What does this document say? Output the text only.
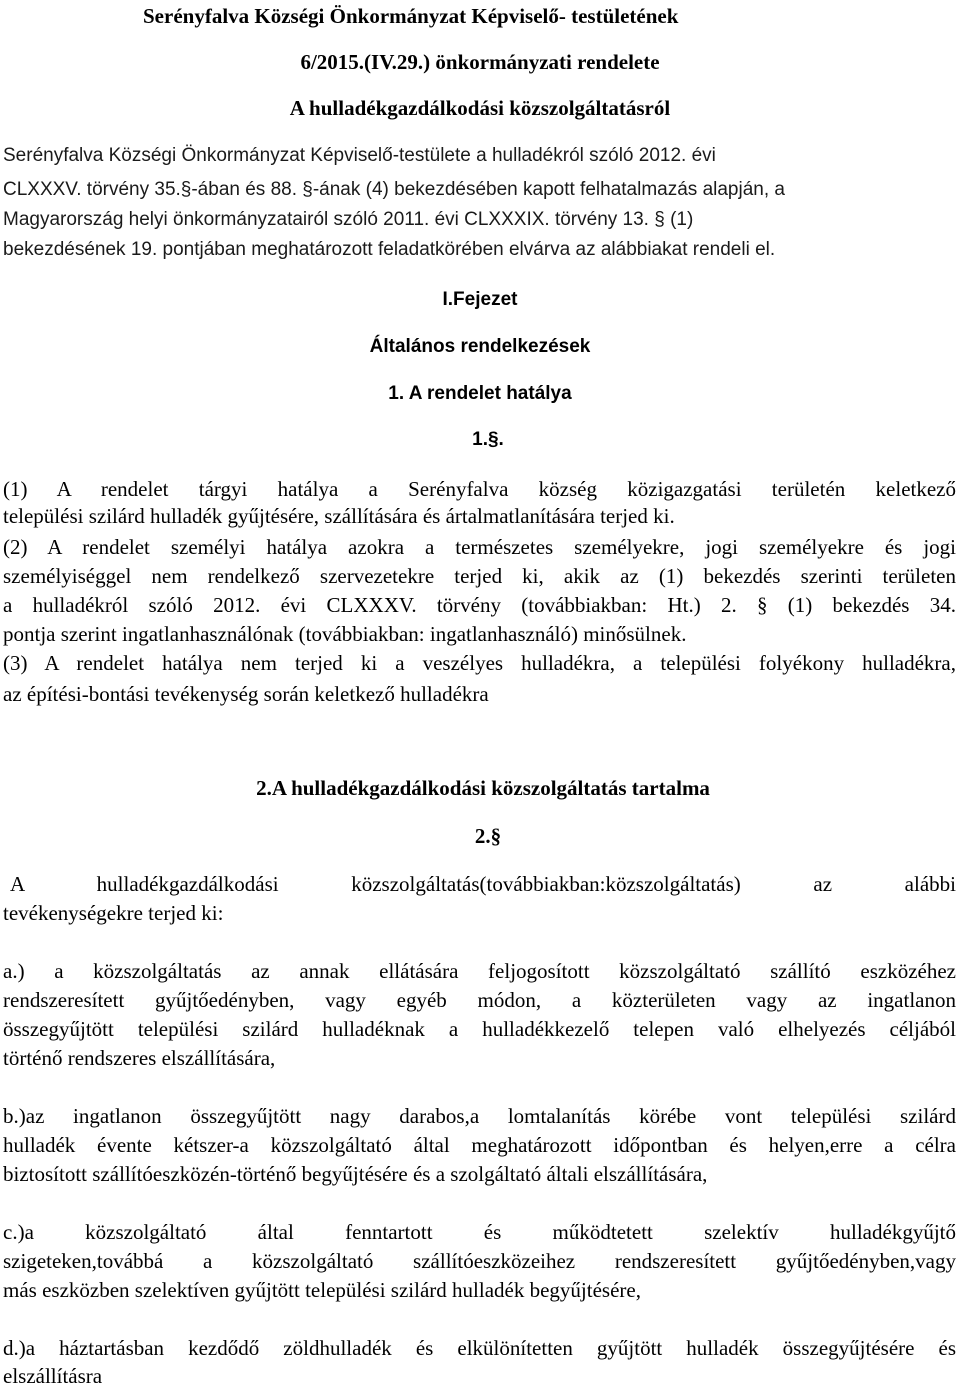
Serényfalva Községi Önkormányzat Képviselő- testületének
6/2015.(IV.29.) önkormányzati rendelete
A hulladékgazdálkodási közszolgáltatásról
Serényfalva Községi Önkormányzat Képviselő-testülete a hulladékról szóló 2012. évi
CLXXXV. törvény 35.§-ában és 88. §-ának (4) bekezdésében kapott felhatalmazás alapján, a
Magyarország helyi önkormányzatairól szóló 2011. évi CLXXXIX. törvény 13. § (1)
bekezdésének 19. pontjában meghatározott feladatkörében elvárva az alábbiakat rendeli el.
I.Fejezet
Általános rendelkezések
1. A rendelet hatálya
1.§.
(1) A rendelet tárgyi hatálya a Serényfalva község közigazgatási területén keletkező
települési szilárd hulladék gyűjtésére, szállítására és ártalmatlanítására terjed ki.
(2) A rendelet személyi hatálya azokra a természetes személyekre, jogi személyekre és jogi
személyiséggel nem rendelkező szervezetekre terjed ki, akik az (1) bekezdés szerinti területen
a hulladékról szóló 2012. évi CLXXXV. törvény (továbbiakban: Ht.) 2. § (1) bekezdés 34.
pontja szerint ingatlanhasználónak (továbbiakban: ingatlanhasználó) minősülnek.
(3) A rendelet hatálya nem terjed ki a veszélyes hulladékra, a települési folyékony hulladékra,
az építési-bontási tevékenység során keletkező hulladékra
2.A hulladékgazdálkodási közszolgáltatás tartalma
2.§
A hulladékgazdálkodási közszolgáltatás(továbbiakban:közszolgáltatás) az alábbi
tevékenységekre terjed ki:
a.) a közszolgáltatás az annak ellátására feljogosított közszolgáltató szállító eszközéhez
rendszeresített gyűjtőedényben, vagy egyéb módon, a közterületen vagy az ingatlanon
összegyűjtött települési szilárd hulladéknak a hulladékkezelő telepen való elhelyezés céljából
történő rendszeres elszállítására,
b.)az ingatlanon összegyűjtött nagy darabos,a lomtalanítás körébe vont települési szilárd
hulladék évente kétszer-a közszolgáltató által meghatározott időpontban és helyen,erre a célra
biztosított szállítóeszközén-történő begyűjtésére és a szolgáltató általi elszállítására,
c.)a közszolgáltató által fenntartott és működtetett szelektív hulladékgyűjtő
szigeteken,továbbá a közszolgáltató szállítóeszközeihez rendszeresített gyűjtőedényben,vagy
más eszközben szelektíven gyűjtött települési szilárd hulladék begyűjtésére,
d.)a háztartásban kezdődő zöldhulladék és elkülönítetten gyűjtött hulladék összegyűjtésére és
elszállításra
